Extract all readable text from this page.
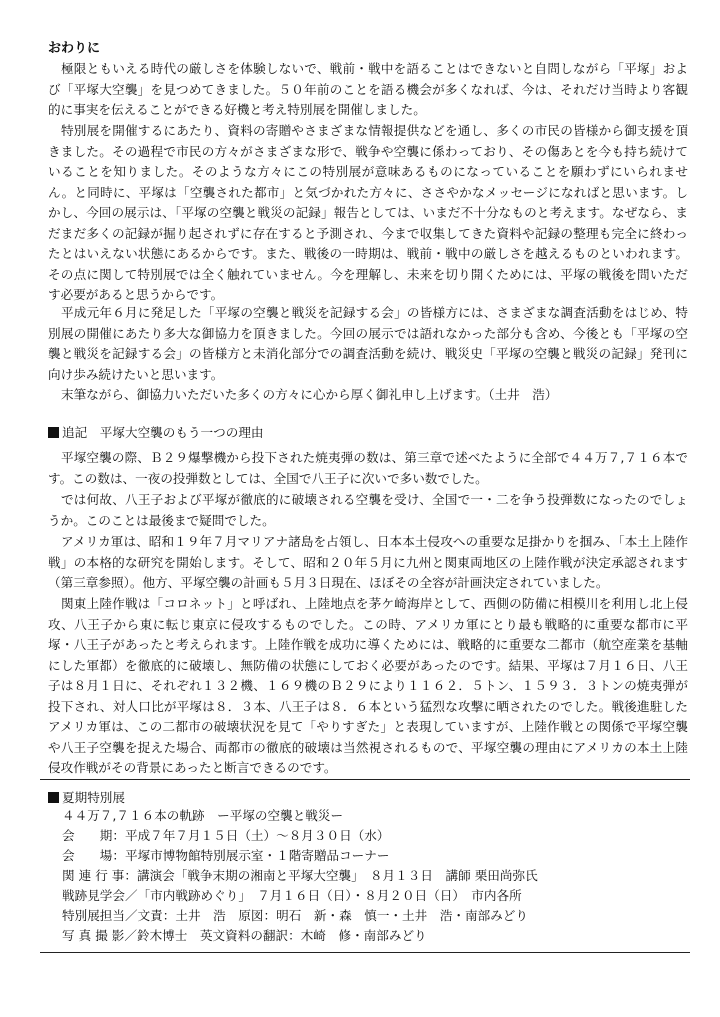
おわりに

極限ともいえる時代の厳しさを体験しないで、戦前・戦中を語ることはできないと自問しながら「平塚」および「平塚大空襲」を見つめてきました。５０年前のことを語る機会が多くなれば、今は、それだけ当時より客観的に事実を伝えることができる好機と考え特別展を開催しました。

特別展を開催するにあたり、資料の寄贈やさまざまな情報提供などを通し、多くの市民の皆様から御支援を頂きました。その過程で市民の方々がさまざまな形で、戦争や空襲に係わっており、その傷あとを今も持ち続けていることを知りました。そのような方々にこの特別展が意味あるものになっていることを願わずにいられません。と同時に、平塚は「空襲された都市」と気づかれた方々に、ささやかなメッセージになればと思います。しかし、今回の展示は、「平塚の空襲と戦災の記録」報告としては、いまだ不十分なものと考えます。なぜなら、まだまだ多くの記録が掘り起されずに存在すると予測され、今まで収集してきた資料や記録の整理も完全に終わったとはいえない状態にあるからです。また、戦後の一時期は、戦前・戦中の厳しさを越えるものといわれます。その点に関して特別展では全く触れていません。今を理解し、未来を切り開くためには、平塚の戦後を問いただす必要があると思うからです。

平成元年６月に発足した「平塚の空襲と戦災を記録する会」の皆様方には、さまざまな調査活動をはじめ、特別展の開催にあたり多大な御協力を頂きました。今回の展示では語れなかった部分も含め、今後とも「平塚の空襲と戦災を記録する会」の皆様方と未消化部分での調査活動を続け、戦災史「平塚の空襲と戦災の記録」発刊に向け歩み続けたいと思います。

末筆ながら、御協力いただいた多くの方々に心から厚く御礼申し上げます。（土井　浩）

追記　平塚大空襲のもう一つの理由

平塚空襲の際、Ｂ２９爆撃機から投下された焼夷弾の数は、第三章で述べたように全部で４４万７,７１６本です。この数は、一夜の投弾数としては、全国で八王子に次いで多い数でした。

では何故、八王子および平塚が徹底的に破壊される空襲を受け、全国で一・二を争う投弾数になったのでしょうか。このことは最後まで疑問でした。

アメリカ軍は、昭和１９年７月マリアナ諸島を占領し、日本本土侵攻への重要な足掛かりを掴み、「本土上陸作戦」の本格的な研究を開始します。そして、昭和２０年５月に九州と関東両地区の上陸作戦が決定承認されます（第三章参照）。他方、平塚空襲の計画も５月３日現在、ほぼその全容が計画決定されていました。

関東上陸作戦は「コロネット」と呼ばれ、上陸地点を茅ケ崎海岸として、西側の防備に相模川を利用し北上侵攻、八王子から東に転じ東京に侵攻するものでした。この時、アメリカ軍にとり最も戦略的に重要な都市に平塚・八王子があったと考えられます。上陸作戦を成功に導くためには、戦略的に重要な二都市（航空産業を基軸にした軍都）を徹底的に破壊し、無防備の状態にしておく必要があったのです。結果、平塚は７月１６日、八王子は８月１日に、それぞれ１３２機、１６９機のＢ２９により１１６２．５トン、１５９３．３トンの焼夷弾が投下され、対人口比が平塚は８．３本、八王子は８．６本という猛烈な攻撃に晒されたのでした。戦後進駐したアメリカ軍は、この二都市の破壊状況を見て「やりすぎた」と表現していますが、上陸作戦との関係で平塚空襲や八王子空襲を捉えた場合、両都市の徹底的破壊は当然視されるもので、平塚空襲の理由にアメリカの本土上陸侵攻作戦がその背景にあったと断言できるのです。

夏期特別展
４４万７,７１６本の軌跡　ー平塚の空襲と戦災ー
会　　期：平成７年７月１５日（土）～８月３０日（水）
会　　場：平塚市博物館特別展示室・１階寄贈品コーナー
関 連 行 事：講演会「戦争末期の湘南と平塚大空襲」　８月１３日　講師 栗田尚弥氏
戦跡見学会／「市内戦跡めぐり」　７月１６日（日）・８月２０日（日）　市内各所
特別展担当／文責：土井　浩　原図：明石　新・森　慎一・土井　浩・南部みどり
写 真 撮 影／鈴木博士　英文資料の翻訳：木崎　修・南部みどり
